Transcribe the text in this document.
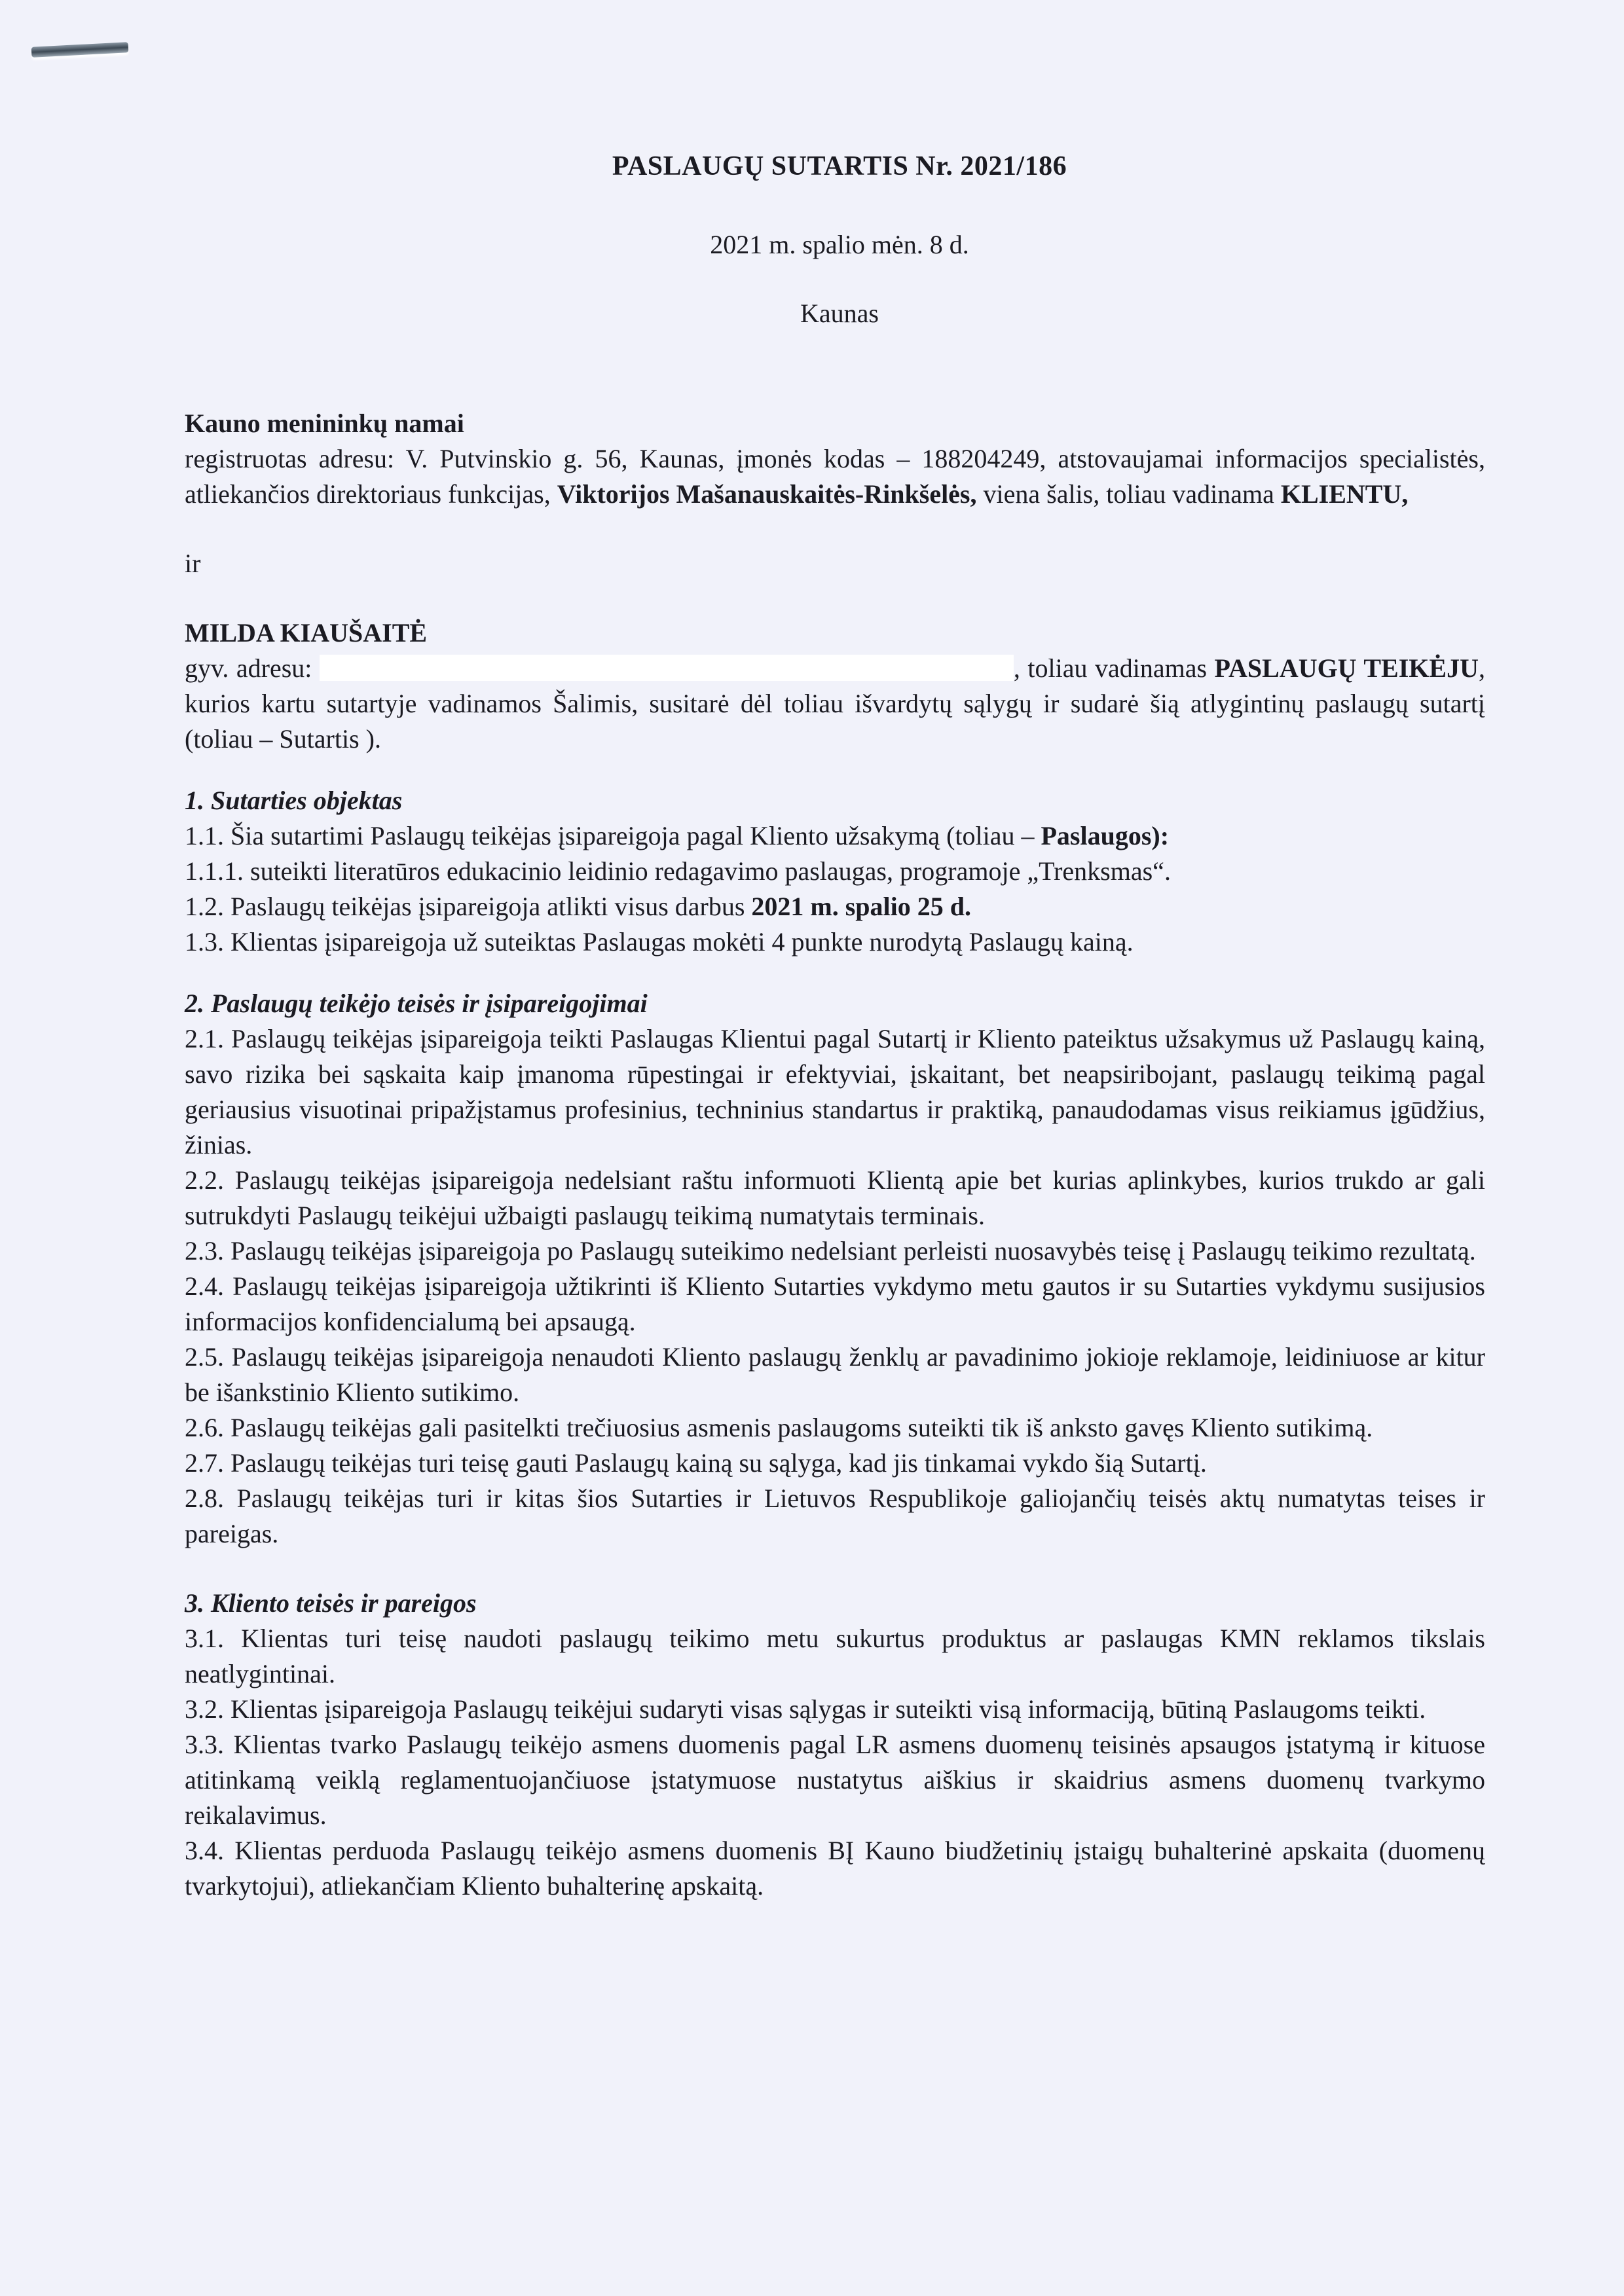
PASLAUGŲ SUTARTIS Nr. 2021/186
2021 m. spalio mėn. 8 d.
Kaunas

Kauno menininkų namai

registruotas adresu: V. Putvinskio g. 56, Kaunas, įmonės kodas – 188204249, atstovaujamai informacijos specialistės, atliekančios direktoriaus funkcijas, Viktorijos Mašanauskaitės-Rinkšelės, viena šalis, toliau vadinama KLIENTU,

ir

MILDA KIAUŠAITĖ

gyv. adresu:	, toliau vadinamas PASLAUGŲ TEIKĖJU, kurios kartu sutartyje vadinamos Šalimis, susitarė dėl toliau išvardytų sąlygų ir sudarė šią atlygintinų paslaugų sutartį (toliau – Sutartis ).

1. Sutarties objektas

1.1. Šia sutartimi Paslaugų teikėjas įsipareigoja pagal Kliento užsakymą (toliau – Paslaugos):

1.1.1. suteikti literatūros edukacinio leidinio redagavimo paslaugas, programoje „Trenksmas“.

1.2. Paslaugų teikėjas įsipareigoja atlikti visus darbus 2021 m. spalio 25 d.

1.3. Klientas įsipareigoja už suteiktas Paslaugas mokėti 4 punkte nurodytą Paslaugų kainą.

2. Paslaugų teikėjo teisės ir įsipareigojimai

2.1. Paslaugų teikėjas įsipareigoja teikti Paslaugas Klientui pagal Sutartį ir Kliento pateiktus užsakymus už Paslaugų kainą, savo rizika bei sąskaita kaip įmanoma rūpestingai ir efektyviai, įskaitant, bet neapsiribojant, paslaugų teikimą pagal geriausius visuotinai pripažįstamus profesinius, techninius standartus ir praktiką, panaudodamas visus reikiamus įgūdžius, žinias.

2.2. Paslaugų teikėjas įsipareigoja nedelsiant raštu informuoti Klientą apie bet kurias aplinkybes, kurios trukdo ar gali sutrukdyti Paslaugų teikėjui užbaigti paslaugų teikimą numatytais terminais.

2.3. Paslaugų teikėjas įsipareigoja po Paslaugų suteikimo nedelsiant perleisti nuosavybės teisę į Paslaugų teikimo rezultatą.

2.4. Paslaugų teikėjas įsipareigoja užtikrinti iš Kliento Sutarties vykdymo metu gautos ir su Sutarties vykdymu susijusios informacijos konfidencialumą bei apsaugą.

2.5. Paslaugų teikėjas įsipareigoja nenaudoti Kliento paslaugų ženklų ar pavadinimo jokioje reklamoje, leidiniuose ar kitur be išankstinio Kliento sutikimo.

2.6. Paslaugų teikėjas gali pasitelkti trečiuosius asmenis paslaugoms suteikti tik iš anksto gavęs Kliento sutikimą.

2.7. Paslaugų teikėjas turi teisę gauti Paslaugų kainą su sąlyga, kad jis tinkamai vykdo šią Sutartį.

2.8. Paslaugų teikėjas turi ir kitas šios Sutarties ir Lietuvos Respublikoje galiojančių teisės aktų numatytas teises ir pareigas.

3. Kliento teisės ir pareigos

3.1. Klientas turi teisę naudoti paslaugų teikimo metu sukurtus produktus ar paslaugas KMN reklamos tikslais neatlygintinai.

3.2. Klientas įsipareigoja Paslaugų teikėjui sudaryti visas sąlygas ir suteikti visą informaciją, būtiną Paslaugoms teikti.

3.3. Klientas tvarko Paslaugų teikėjo asmens duomenis pagal LR asmens duomenų teisinės apsaugos įstatymą ir kituose atitinkamą veiklą reglamentuojančiuose įstatymuose nustatytus aiškius ir skaidrius asmens duomenų tvarkymo reikalavimus.

3.4. Klientas perduoda Paslaugų teikėjo asmens duomenis BĮ Kauno biudžetinių įstaigų buhalterinė apskaita (duomenų tvarkytojui), atliekančiam Kliento buhalterinę apskaitą.
